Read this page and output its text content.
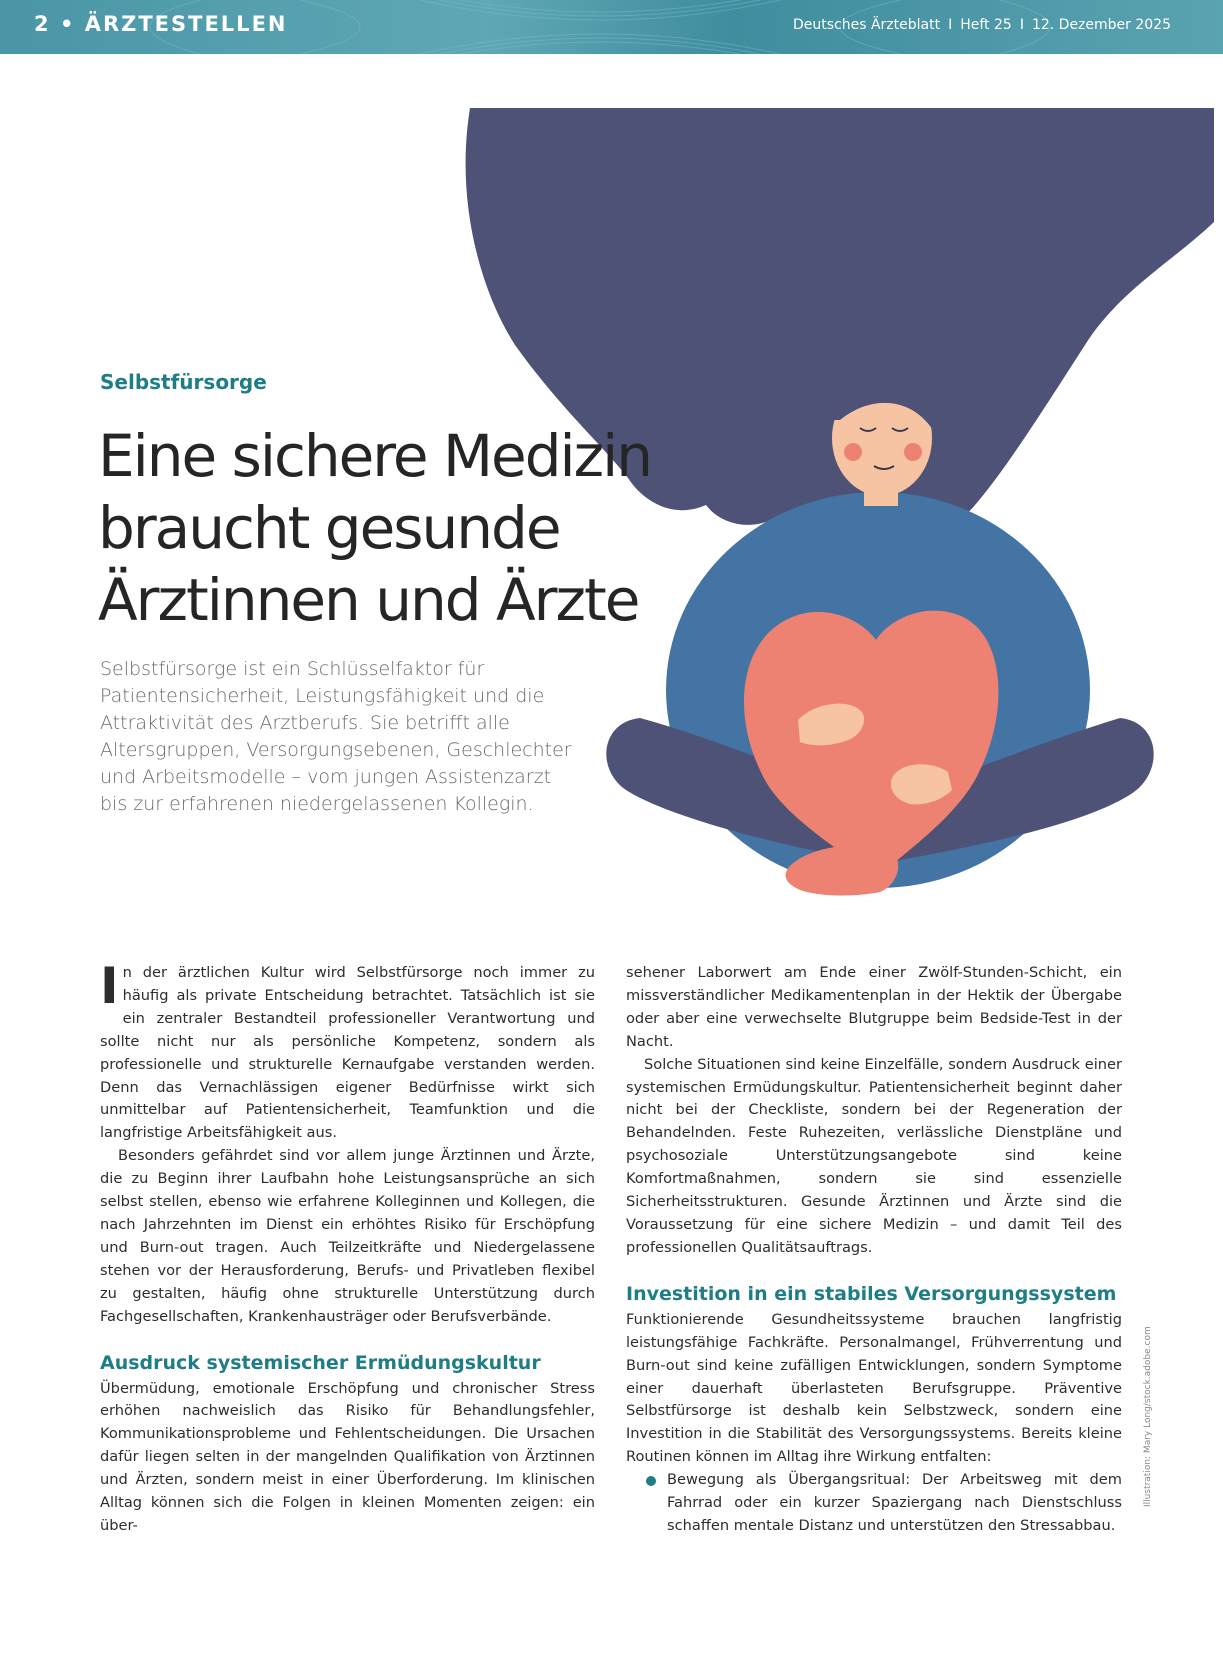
2 • ÄRZTESTELLEN	Deutsches Ärzteblatt I Heft 25 I 12. Dezember 2025
Selbstfürsorge
Eine sichere Medizin
braucht gesunde
Ärztinnen und Ärzte
Selbstfürsorge ist ein Schlüsselfaktor für
Patientensicherheit, Leistungsfähigkeit und die
Attraktivität des Arztberufs. Sie betrifft alle
Altersgruppen, Versorgungsebenen, Geschlechter
und Arbeitsmodelle – vom jungen Assistenzarzt
bis zur erfahrenen niedergelassenen Kollegin.

In der ärztlichen Kultur wird Selbstfürsorge noch immer zu häufig als private Entscheidung betrachtet. Tatsächlich ist sie ein zentraler Bestandteil professioneller Verantwortung und sollte nicht nur als persönliche Kompetenz, sondern als professionelle und strukturelle Kernaufgabe verstanden werden. Denn das Vernachlässigen eigener Bedürfnisse wirkt sich unmittelbar auf Patientensicherheit, Teamfunktion und die langfristige Arbeitsfähigkeit aus.

Besonders gefährdet sind vor allem junge Ärztinnen und Ärzte, die zu Beginn ihrer Laufbahn hohe Leistungsansprüche an sich selbst stellen, ebenso wie erfahrene Kolleginnen und Kollegen, die nach Jahrzehnten im Dienst ein erhöhtes Risiko für Erschöpfung und Burn-out tragen. Auch Teilzeitkräfte und Niedergelassene stehen vor der Herausforderung, Berufs- und Privatleben flexibel zu gestalten, häufig ohne strukturelle Unterstützung durch Fachgesellschaften, Krankenhausträger oder Berufsverbände.

Ausdruck systemischer Ermüdungskultur

Übermüdung, emotionale Erschöpfung und chronischer Stress erhöhen nachweislich das Risiko für Behandlungsfehler, Kommunikationsprobleme und Fehlentscheidungen. Die Ursachen dafür liegen selten in der mangelnden Qualifikation von Ärztinnen und Ärzten, sondern meist in einer Überforderung. Im klinischen Alltag können sich die Folgen in kleinen Momenten zeigen: ein über-

sehener Laborwert am Ende einer Zwölf-Stunden-Schicht, ein missverständlicher Medikamentenplan in der Hektik der Übergabe oder aber eine verwechselte Blutgruppe beim Bedside-Test in der Nacht.

Solche Situationen sind keine Einzelfälle, sondern Ausdruck einer systemischen Ermüdungskultur. Patientensicherheit beginnt daher nicht bei der Checkliste, sondern bei der Regeneration der Behandelnden. Feste Ruhezeiten, verlässliche Dienstpläne und psychosoziale Unterstützungsangebote sind keine Komfortmaßnahmen, sondern sie sind essenzielle Sicherheitsstrukturen. Gesunde Ärztinnen und Ärzte sind die Voraussetzung für eine sichere Medizin – und damit Teil des professionellen Qualitätsauftrags.

Investition in ein stabiles Versorgungssystem

Funktionierende Gesundheitssysteme brauchen langfristig leistungsfähige Fachkräfte. Personalmangel, Frühverrentung und Burn-out sind keine zufälligen Entwicklungen, sondern Symptome einer dauerhaft überlasteten Berufsgruppe. Präventive Selbstfürsorge ist deshalb kein Selbstzweck, sondern eine Investition in die Stabilität des Versorgungssystems. Bereits kleine Routinen können im Alltag ihre Wirkung entfalten:

Bewegung als Übergangsritual: Der Arbeitsweg mit dem Fahrrad oder ein kurzer Spaziergang nach Dienstschluss schaffen mentale Distanz und unterstützen den Stressabbau.
Illustration: Mary Long/stock.adobe.com
